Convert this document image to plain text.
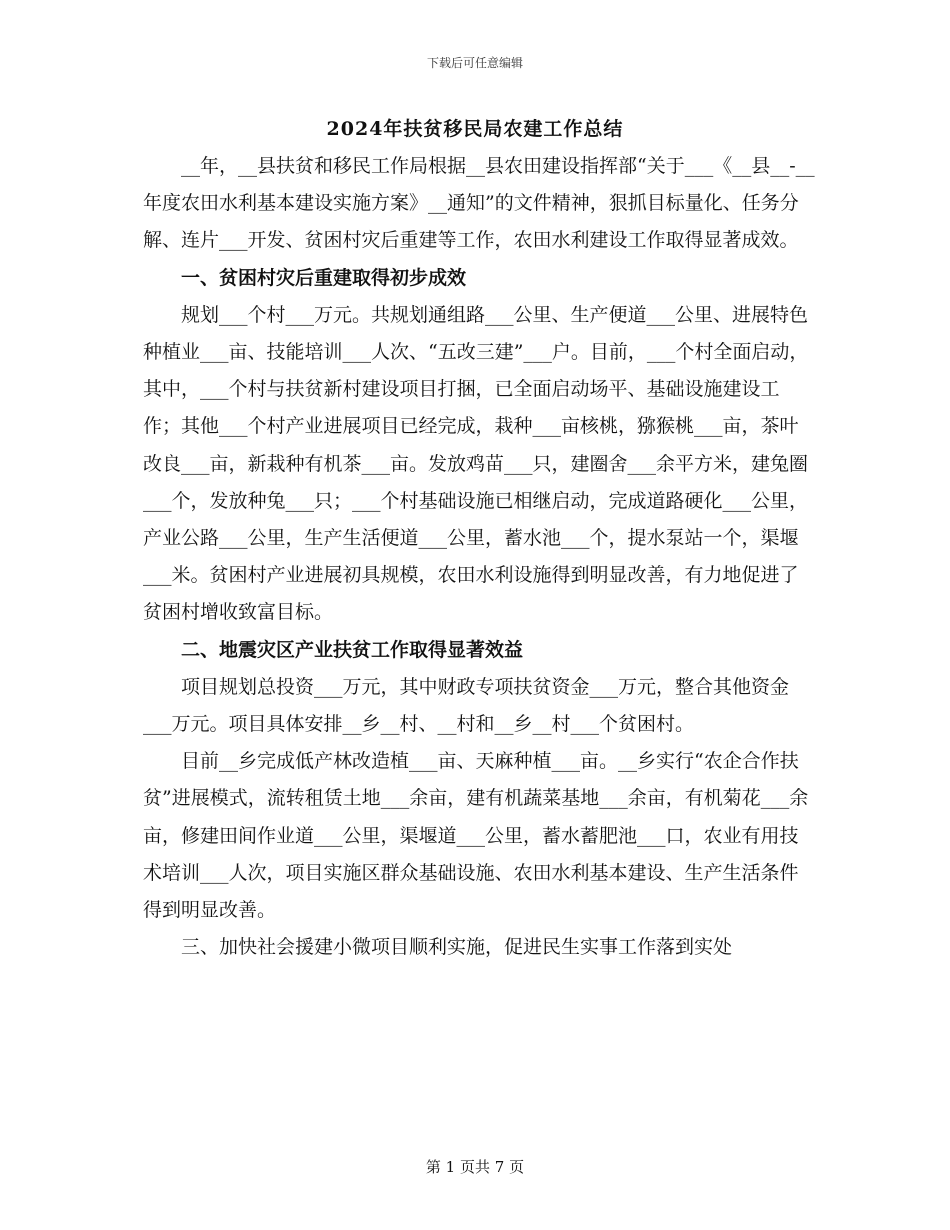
下载后可任意编辑
2024年扶贫移民局农建工作总结

__年，__县扶贫和移民工作局根据__县农田建设指挥部“关于___《__县__-__年度农田水利基本建设实施方案》__通知”的文件精神，狠抓目标量化、任务分解、连片___开发、贫困村灾后重建等工作，农田水利建设工作取得显著成效。

一、贫困村灾后重建取得初步成效

规划___个村___万元。共规划通组路___公里、生产便道___公里、进展特色种植业___亩、技能培训___人次、“五改三建”___户。目前，___个村全面启动，其中，___个村与扶贫新村建设项目打捆，已全面启动场平、基础设施建设工作；其他___个村产业进展项目已经完成，栽种___亩核桃，猕猴桃___亩，茶叶改良___亩，新栽种有机茶___亩。发放鸡苗___只，建圈舍___余平方米，建兔圈___个，发放种兔___只；___个村基础设施已相继启动，完成道路硬化___公里，产业公路___公里，生产生活便道___公里，蓄水池___个，提水泵站一个，渠堰___米。贫困村产业进展初具规模，农田水利设施得到明显改善，有力地促进了贫困村增收致富目标。

二、地震灾区产业扶贫工作取得显著效益

项目规划总投资___万元，其中财政专项扶贫资金___万元，整合其他资金___万元。项目具体安排__乡__村、__村和__乡__村___个贫困村。

目前__乡完成低产林改造植___亩、天麻种植___亩。__乡实行“农企合作扶贫”进展模式，流转租赁土地___余亩，建有机蔬菜基地___余亩，有机菊花___余亩，修建田间作业道___公里，渠堰道___公里，蓄水蓄肥池___口，农业有用技术培训___人次，项目实施区群众基础设施、农田水利基本建设、生产生活条件得到明显改善。

三、加快社会援建小微项目顺利实施，促进民生实事工作落到实处

第 1 页共 7 页
